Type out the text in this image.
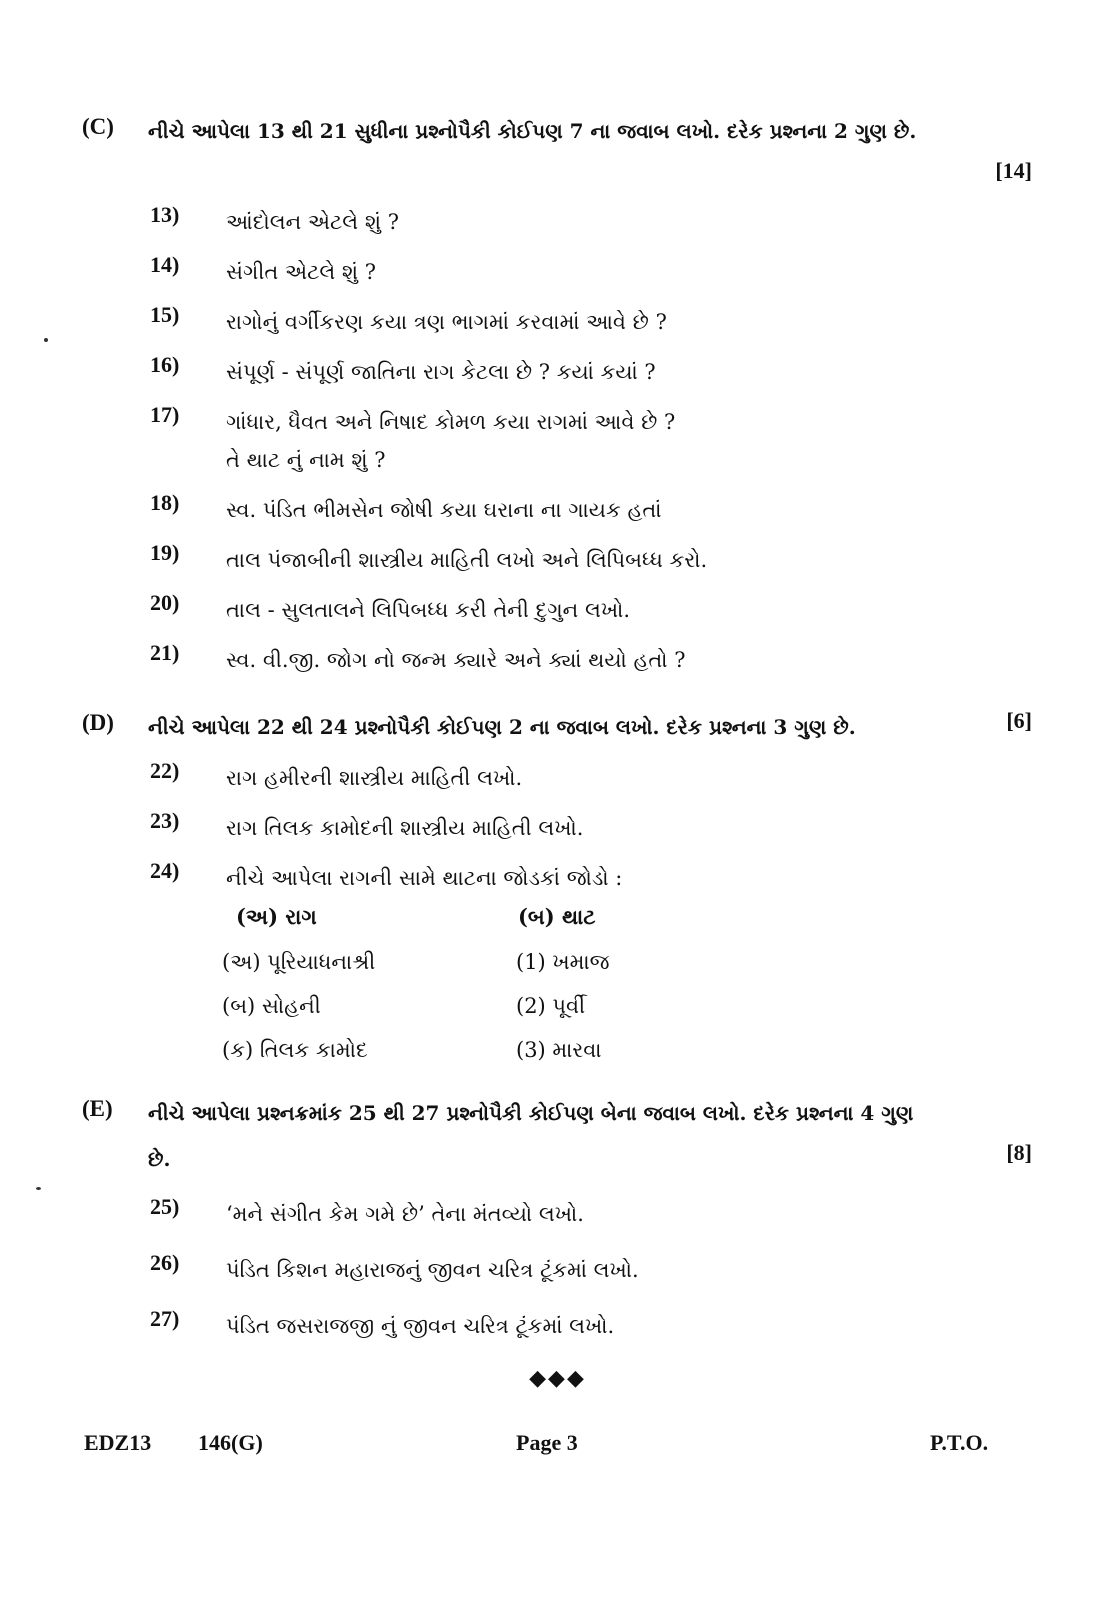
(C) નીચે આપેલા 13 થી 21 સુધીના પ્રશ્નોપૈકી કોઈપણ 7 ના જવાબ લખો. દરેક પ્રશ્નના 2 ગુણ છે.
[14]
13) આંદોલન એટલે શું ?
14) સંગીત એટલે શું ?
15) રાગોનું વર્ગીકરણ કયા ત્રણ ભાગમાં કરવામાં આવે છે ?
16) સંપૂર્ણ - સંપૂર્ણ જાતિના રાગ કેટલા છે ? કયાં કયાં ?
17) ગાંધાર, ધૈવત અને નિષાદ કોમળ કયા રાગમાં આવે છે ?
તે થાટ નું નામ શું ?
18) સ્વ. પંડિત ભીમસેન જોષી કયા ઘરાના ના ગાયક હતાં
19) તાલ પંજાબીની શાસ્ત્રીય માહિતી લખો અને લિપિબધ્ધ કરો.
20) તાલ - સુલતાલને લિપિબધ્ધ કરી તેની દુગુન લખો.
21) સ્વ. વી.જી. જોગ નો જન્મ ક્યારે અને ક્યાં થયો હતો ?
(D) નીચે આપેલા 22 થી 24 પ્રશ્નોપૈકી કોઈપણ 2 ના જવાબ લખો. દરેક પ્રશ્નના 3 ગુણ છે.	[6]
22) રાગ હમીરની શાસ્ત્રીય માહિતી લખો.
23) રાગ તિલક કામોદની શાસ્ત્રીય માહિતી લખો.
24) નીચે આપેલા રાગની સામે થાટના જોડકાં જોડો :
(અ) રાગ	(બ) થાટ
(અ) પૂરિયાધનાશ્રી	(1) ખમાજ
(બ) સોહની	(2) પૂર્વી
(ક) તિલક કામોદ	(3) મારવા
(E) નીચે આપેલા પ્રશ્નક્રમાંક 25 થી 27 પ્રશ્નોપૈકી કોઈપણ બેના જવાબ લખો. દરેક પ્રશ્નના 4 ગુણ છે.	[8]
25) ‘મને સંગીત કેમ ગમે છે’ તેના મંતવ્યો લખો.
26) પંડિત કિશન મહારાજનું જીવન ચરિત્ર ટૂંકમાં લખો.
27) પંડિત જસરાજજી નું જીવન ચરિત્ર ટૂંકમાં લખો.
◆◆◆
EDZ13 146(G)	Page 3	P.T.O.
